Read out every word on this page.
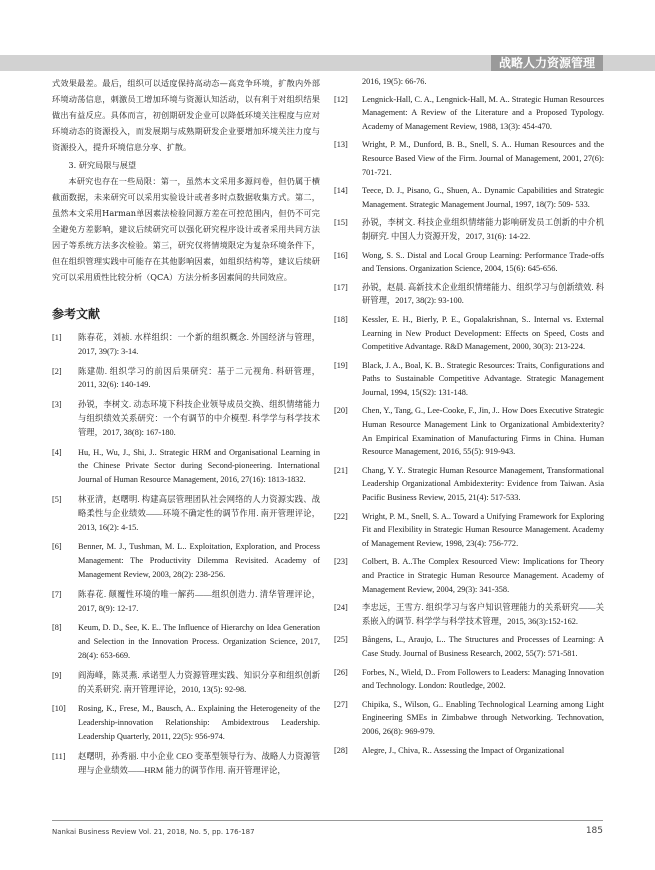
战略人力资源管理

式效果最差。最后，组织可以适度保持高动态—高竞争环境，扩散内外部环境动荡信息，刺激员工增加环境与资源认知活动，以有利于对组织结果做出有益反应。具体而言，初创期研发企业可以降低环境关注程度与应对环境动态的资源投入，而发展期与成熟期研发企业要增加环境关注力度与资源投入，提升环境信息分享、扩散。

3. 研究局限与展望

本研究也存在一些局限：第一，虽然本文采用多源问卷，但仍属于横截面数据，未来研究可以采用实验设计或者多时点数据收集方式。第二，虽然本文采用Harman单因素法检验同源方差在可控范围内，但仍不可完全避免方差影响，建议后续研究可以强化研究程序设计或者采用共同方法因子等系统方法多次检验。第三，研究仅将情境限定为复杂环境条件下，但在组织管理实践中可能存在其他影响因素，如组织结构等，建议后续研究可以采用质性比较分析（QCA）方法分析多因素间的共同效应。

参考文献
[1]	陈春花，刘祯. 水样组织：一个新的组织概念. 外国经济与管理，2017, 39(7): 3-14.
[2]	陈建勋. 组织学习的前因后果研究：基于二元视角. 科研管理，2011, 32(6): 140-149.
[3]	孙锐，李树文. 动态环境下科技企业领导成员交换、组织情绪能力与组织绩效关系研究：一个有调节的中介模型. 科学学与科学技术管理，2017, 38(8): 167-180.
[4]	Hu, H., Wu, J., Shi, J.. Strategic HRM and Organisational Learning in the Chinese Private Sector during Second-pioneering. International Journal of Human Resource Management, 2016, 27(16): 1813-1832.
[5]	林亚清，赵曙明. 构建高层管理团队社会网络的人力资源实践、战略柔性与企业绩效——环境不确定性的调节作用. 南开管理评论，2013, 16(2): 4-15.
[6]	Benner, M. J., Tushman, M. L.. Exploitation, Exploration, and Process Management: The Productivity Dilemma Revisited. Academy of Management Review, 2003, 28(2): 238-256.
[7]	陈春花. 颠覆性环境的唯一解药——组织创造力. 清华管理评论，2017, 8(9): 12-17.
[8]	Keum, D. D., See, K. E.. The Influence of Hierarchy on Idea Generation and Selection in the Innovation Process. Organization Science, 2017, 28(4): 653-669.
[9]	阎海峰，陈灵燕. 承诺型人力资源管理实践、知识分享和组织创新的关系研究. 南开管理评论，2010, 13(5): 92-98.
[10]	Rosing, K., Frese, M., Bausch, A.. Explaining the Heterogeneity of the Leadership-innovation Relationship: Ambidextrous Leadership. Leadership Quarterly, 2011, 22(5): 956-974.
[11]	赵曙明，孙秀丽. 中小企业 CEO 变革型领导行为、战略人力资源管理与企业绩效——HRM 能力的调节作用. 南开管理评论，
2016, 19(5): 66-76.
[12]	Lengnick-Hall, C. A., Lengnick-Hall, M. A.. Strategic Human Resources Management: A Review of the Literature and a Proposed Typology. Academy of Management Review, 1988, 13(3): 454-470.
[13]	Wright, P. M., Dunford, B. B., Snell, S. A.. Human Resources and the Resource Based View of the Firm. Journal of Management, 2001, 27(6): 701-721.
[14]	Teece, D. J., Pisano, G., Shuen, A.. Dynamic Capabilities and Strategic Management. Strategic Management Journal, 1997, 18(7): 509- 533.
[15]	孙锐，李树文. 科技企业组织情绪能力影响研发员工创新的中介机制研究. 中国人力资源开发，2017, 31(6): 14-22.
[16]	Wong, S. S.. Distal and Local Group Learning: Performance Trade-offs and Tensions. Organization Science, 2004, 15(6): 645-656.
[17]	孙锐，赵晨. 高新技术企业组织情绪能力、组织学习与创新绩效. 科研管理，2017, 38(2): 93-100.
[18]	Kessler, E. H., Bierly, P. E., Gopalakrishnan, S.. Internal vs. External Learning in New Product Development: Effects on Speed, Costs and Competitive Advantage. R&D Management, 2000, 30(3): 213-224.
[19]	Black, J. A., Boal, K. B.. Strategic Resources: Traits, Configurations and Paths to Sustainable Competitive Advantage. Strategic Management Journal, 1994, 15(S2): 131-148.
[20]	Chen, Y., Tang, G., Lee-Cooke, F., Jin, J.. How Does Executive Strategic Human Resource Management Link to Organizational Ambidexterity? An Empirical Examination of Manufacturing Firms in China. Human Resource Management, 2016, 55(5): 919-943.
[21]	Chang, Y. Y.. Strategic Human Resource Management, Transformational Leadership Organizational Ambidexterity: Evidence from Taiwan. Asia Pacific Business Review, 2015, 21(4): 517-533.
[22]	Wright, P. M., Snell, S. A.. Toward a Unifying Framework for Exploring Fit and Flexibility in Strategic Human Resource Management. Academy of Management Review, 1998, 23(4): 756-772.
[23]	Colbert, B. A..The Complex Resourced View: Implications for Theory and Practice in Strategic Human Resource Management. Academy of Management Review, 2004, 29(3): 341-358.
[24]	李忠远，王雪方. 组织学习与客户知识管理能力的关系研究——关系嵌入的调节. 科学学与科学技术管理，2015, 36(3):152-162.
[25]	Bångens, L., Araujo, L.. The Structures and Processes of Learning: A Case Study. Journal of Business Research, 2002, 55(7): 571-581.
[26]	Forbes, N., Wield, D.. From Followers to Leaders: Managing Innovation and Technology. London: Routledge, 2002.
[27]	Chipika, S., Wilson, G.. Enabling Technological Learning among Light Engineering SMEs in Zimbabwe through Networking. Technovation, 2006, 26(8): 969-979.
[28]	Alegre, J., Chiva, R.. Assessing the Impact of Organizational
Nankai Business Review Vol. 21, 2018, No. 5, pp. 176-187	185
